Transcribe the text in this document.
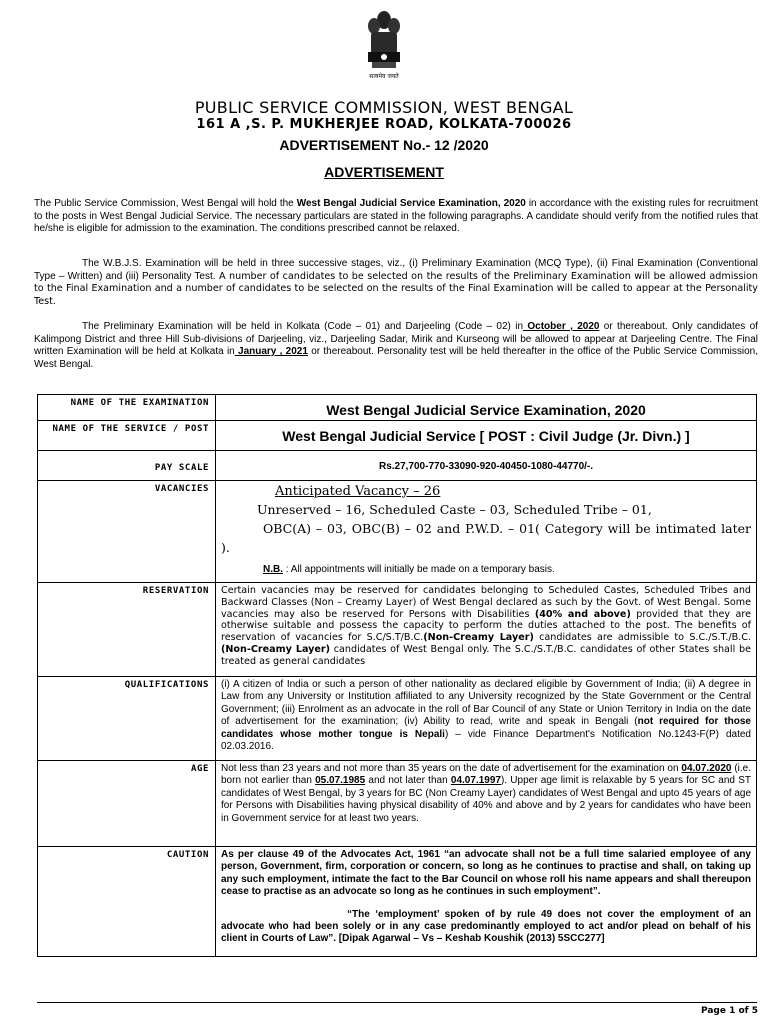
सत्यमेव जयते
PUBLIC SERVICE COMMISSION, WEST BENGAL
161 A ,S. P. MUKHERJEE ROAD, KOLKATA-700026
ADVERTISEMENT No.- 12 /2020
ADVERTISEMENT
The Public Service Commission, West Bengal will hold the West Bengal Judicial Service Examination, 2020 in accordance with the existing rules for recruitment to the posts in West Bengal Judicial Service. The necessary particulars are stated in the following paragraphs. A candidate should verify from the notified rules that he/she is eligible for admission to the examination. The conditions prescribed cannot be relaxed.
The W.B.J.S. Examination will be held in three successive stages, viz., (i) Preliminary Examination (MCQ Type), (ii) Final Examination (Conventional Type – Written) and (iii) Personality Test. A number of candidates to be selected on the results of the Preliminary Examination will be allowed admission to the Final Examination and a number of candidates to be selected on the results of the Final Examination will be called to appear at the Personality Test.
The Preliminary Examination will be held in Kolkata (Code – 01) and Darjeeling (Code – 02) in October , 2020 or thereabout. Only candidates of Kalimpong District and three Hill Sub-divisions of Darjeeling, viz., Darjeeling Sadar, Mirik and Kurseong will be allowed to appear at Darjeeling Centre. The Final written Examination will be held at Kolkata in January , 2021 or thereabout. Personality test will be held thereafter in the office of the Public Service Commission, West Bengal.
NAME OF THE EXAMINATION	West Bengal Judicial Service Examination, 2020
NAME OF THE SERVICE / POST	West Bengal Judicial Service [ POST : Civil Judge (Jr. Divn.) ]
PAY SCALE	Rs.27,700-770-33090-920-40450-1080-44770/-.
VACANCIES	Anticipated Vacancy – 26
Unreserved – 16, Scheduled Caste – 03, Scheduled Tribe – 01,
OBC(A) – 03, OBC(B) – 02 and P.W.D. – 01( Category will be intimated later ).
N.B. : All appointments will initially be made on a temporary basis.

RESERVATION	Certain vacancies may be reserved for candidates belonging to Scheduled Castes, Scheduled Tribes and Backward Classes (Non – Creamy Layer) of West Bengal declared as such by the Govt. of West Bengal. Some vacancies may also be reserved for Persons with Disabilities (40% and above) provided that they are otherwise suitable and possess the capacity to perform the duties attached to the post. The benefits of reservation of vacancies for S.C/S.T/B.C.(Non-Creamy Layer) candidates are admissible to S.C./S.T./B.C. (Non-Creamy Layer) candidates of West Bengal only. The S.C./S.T./B.C. candidates of other States shall be treated as general candidates
QUALIFICATIONS	(i) A citizen of India or such a person of other nationality as declared eligible by Government of India; (ii) A degree in Law from any University or Institution affiliated to any University recognized by the State Government or the Central Government; (iii) Enrolment as an advocate in the roll of Bar Council of any State or Union Territory in India on the date of advertisement for the examination; (iv) Ability to read, write and speak in Bengali (not required for those candidates whose mother tongue is Nepali) – vide Finance Department's Notification No.1243-F(P) dated 02.03.2016.
AGE	Not less than 23 years and not more than 35 years on the date of advertisement for the examination on 04.07.2020 (i.e. born not earlier than 05.07.1985 and not later than 04.07.1997). Upper age limit is relaxable by 5 years for SC and ST candidates of West Bengal, by 3 years for BC (Non Creamy Layer) candidates of West Bengal and upto 45 years of age for Persons with Disabilities having physical disability of 40% and above and by 2 years for candidates who have been in Government service for at least two years.
CAUTION	As per clause 49 of the Advocates Act, 1961 “an advocate shall not be a full time salaried employee of any person, Government, firm, corporation or concern, so long as he continues to practise and shall, on taking up any such employment, intimate the fact to the Bar Council on whose roll his name appears and shall thereupon cease to practise as an advocate so long as he continues in such employment”.
“The ‘employment’ spoken of by rule 49 does not cover the employment of an advocate who had been solely or in any case predominantly employed to act and/or plead on behalf of his client in Courts of Law”. [Dipak Agarwal – Vs – Keshab Koushik (2013) 5SCC277]
Page 1 of 5
